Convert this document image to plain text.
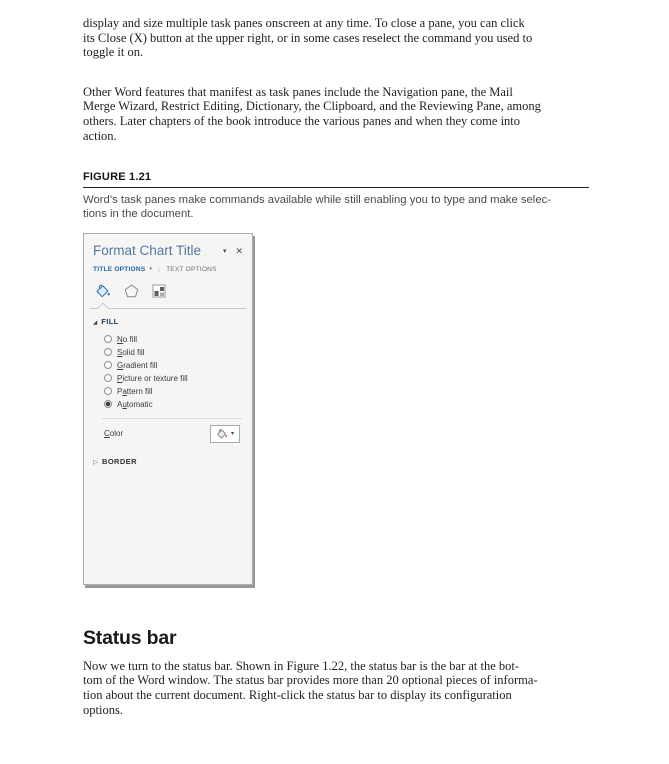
display and size multiple task panes onscreen at any time. To close a pane, you can click
its Close (X) button at the upper right, or in some cases reselect the command you used to
toggle it on.
Other Word features that manifest as task panes include the Navigation pane, the Mail
Merge Wizard, Restrict Editing, Dictionary, the Clipboard, and the Reviewing Pane, among
others. Later chapters of the book introduce the various panes and when they come into
action.
FIGURE 1.21
Word’s task panes make commands available while still enabling you to type and make selec-
tions in the document.
Format Chart Title	▾ ✕
TITLE OPTIONS ▾ | TEXT OPTIONS
◢ FILL
No fill
Solid fill
Gradient fill
Picture or texture fill
Pattern fill
Automatic
Color	▾
▷ BORDER
Status bar
Now we turn to the status bar. Shown in Figure 1.22, the status bar is the bar at the bot-
tom of the Word window. The status bar provides more than 20 optional pieces of informa-
tion about the current document. Right-click the status bar to display its configuration
options.
